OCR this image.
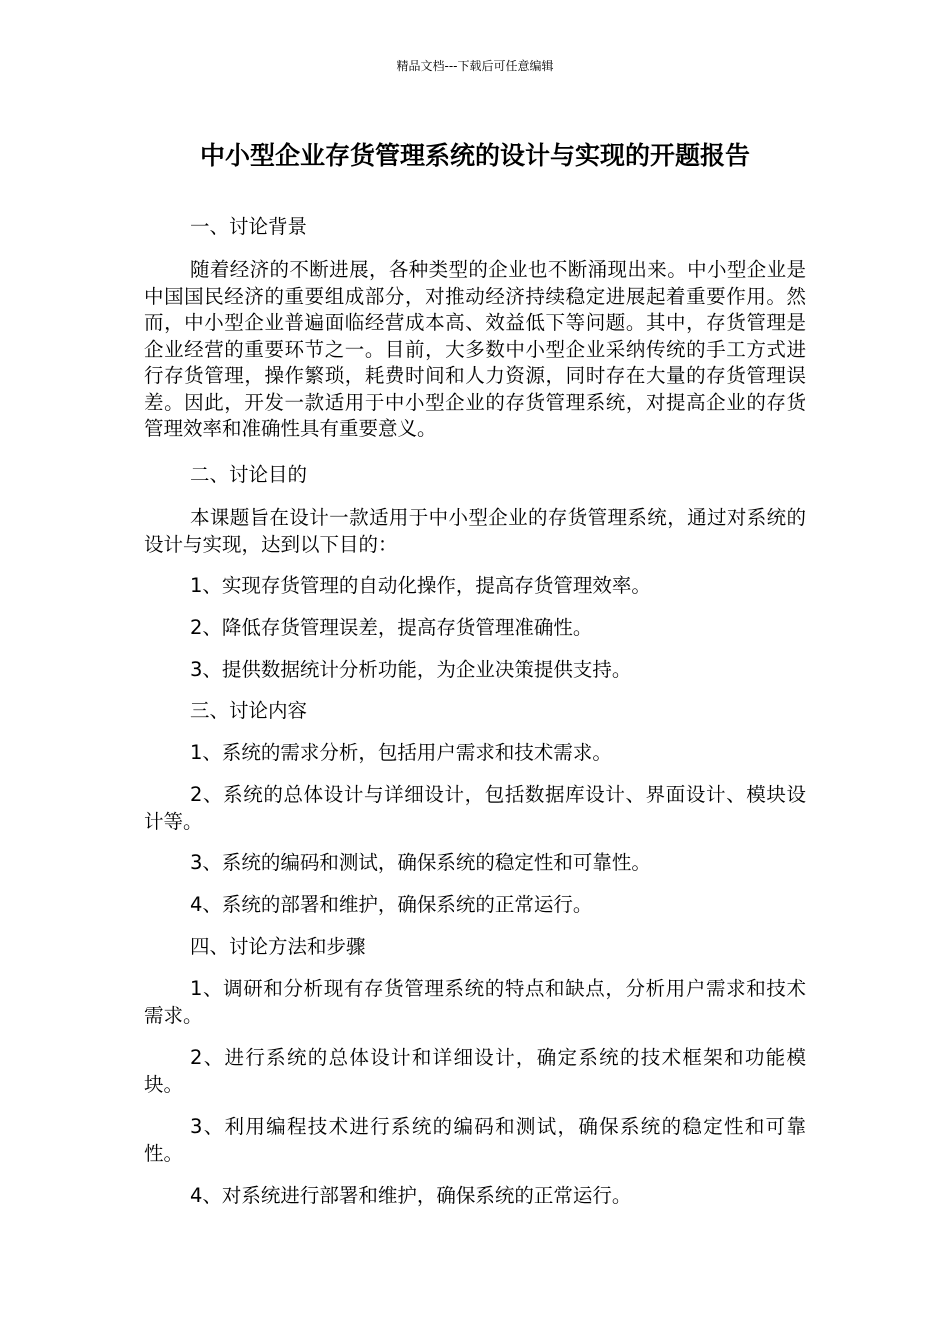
精品文档---下载后可任意编辑
中小型企业存货管理系统的设计与实现的开题报告

一、讨论背景

随着经济的不断进展，各种类型的企业也不断涌现出来。中小型企业是中国国民经济的重要组成部分，对推动经济持续稳定进展起着重要作用。然而，中小型企业普遍面临经营成本高、效益低下等问题。其中，存货管理是企业经营的重要环节之一。目前，大多数中小型企业采纳传统的手工方式进行存货管理，操作繁琐，耗费时间和人力资源，同时存在大量的存货管理误差。因此，开发一款适用于中小型企业的存货管理系统，对提高企业的存货管理效率和准确性具有重要意义。

二、讨论目的

本课题旨在设计一款适用于中小型企业的存货管理系统，通过对系统的设计与实现，达到以下目的：

1、实现存货管理的自动化操作，提高存货管理效率。

2、降低存货管理误差，提高存货管理准确性。

3、提供数据统计分析功能，为企业决策提供支持。

三、讨论内容

1、系统的需求分析，包括用户需求和技术需求。

2、系统的总体设计与详细设计，包括数据库设计、界面设计、模块设计等。

3、系统的编码和测试，确保系统的稳定性和可靠性。

4、系统的部署和维护，确保系统的正常运行。

四、讨论方法和步骤

1、调研和分析现有存货管理系统的特点和缺点，分析用户需求和技术需求。

2、进行系统的总体设计和详细设计，确定系统的技术框架和功能模块。

3、利用编程技术进行系统的编码和测试，确保系统的稳定性和可靠性。

4、对系统进行部署和维护，确保系统的正常运行。
